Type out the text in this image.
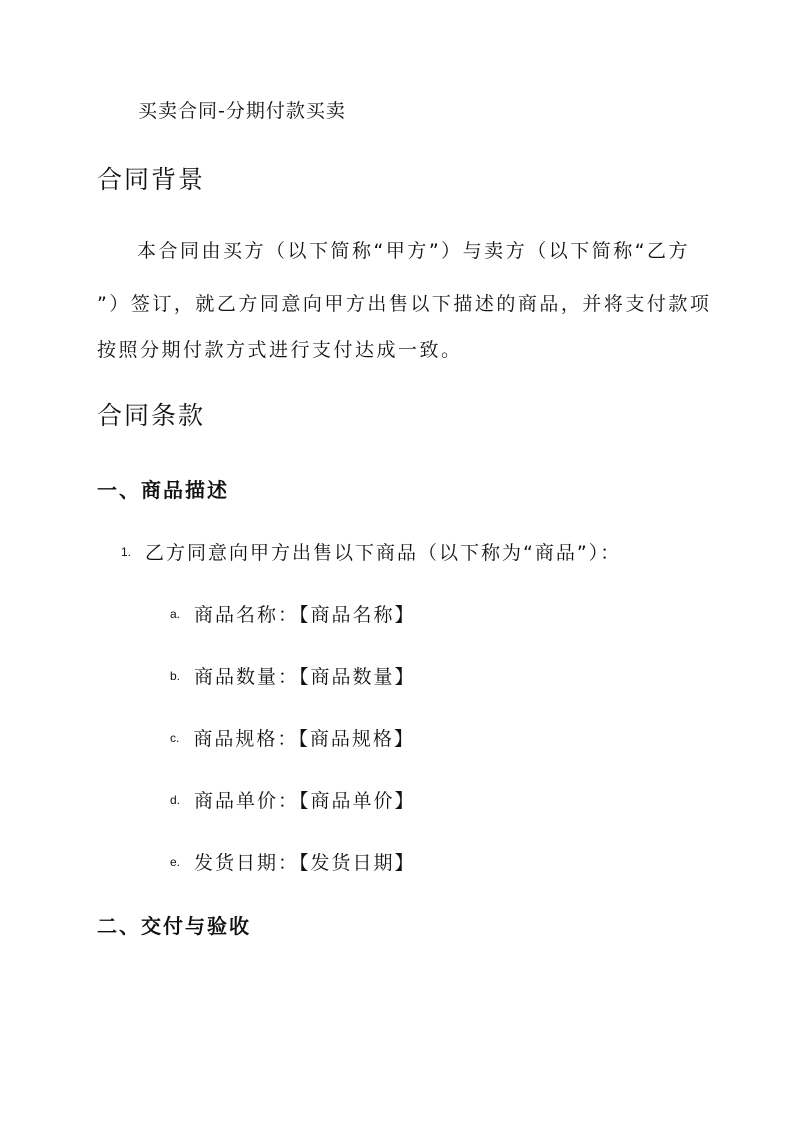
买卖合同-分期付款买卖
合同背景
本合同由买方（以下简称“甲方”）与卖方（以下简称“乙方
”）签订，就乙方同意向甲方出售以下描述的商品，并将支付款项
按照分期付款方式进行支付达成一致。
合同条款
一、商品描述
1. 乙方同意向甲方出售以下商品（以下称为“商品”）：
a. 商品名称：【商品名称】
b. 商品数量：【商品数量】
c. 商品规格：【商品规格】
d. 商品单价：【商品单价】
e. 发货日期：【发货日期】
二、交付与验收
